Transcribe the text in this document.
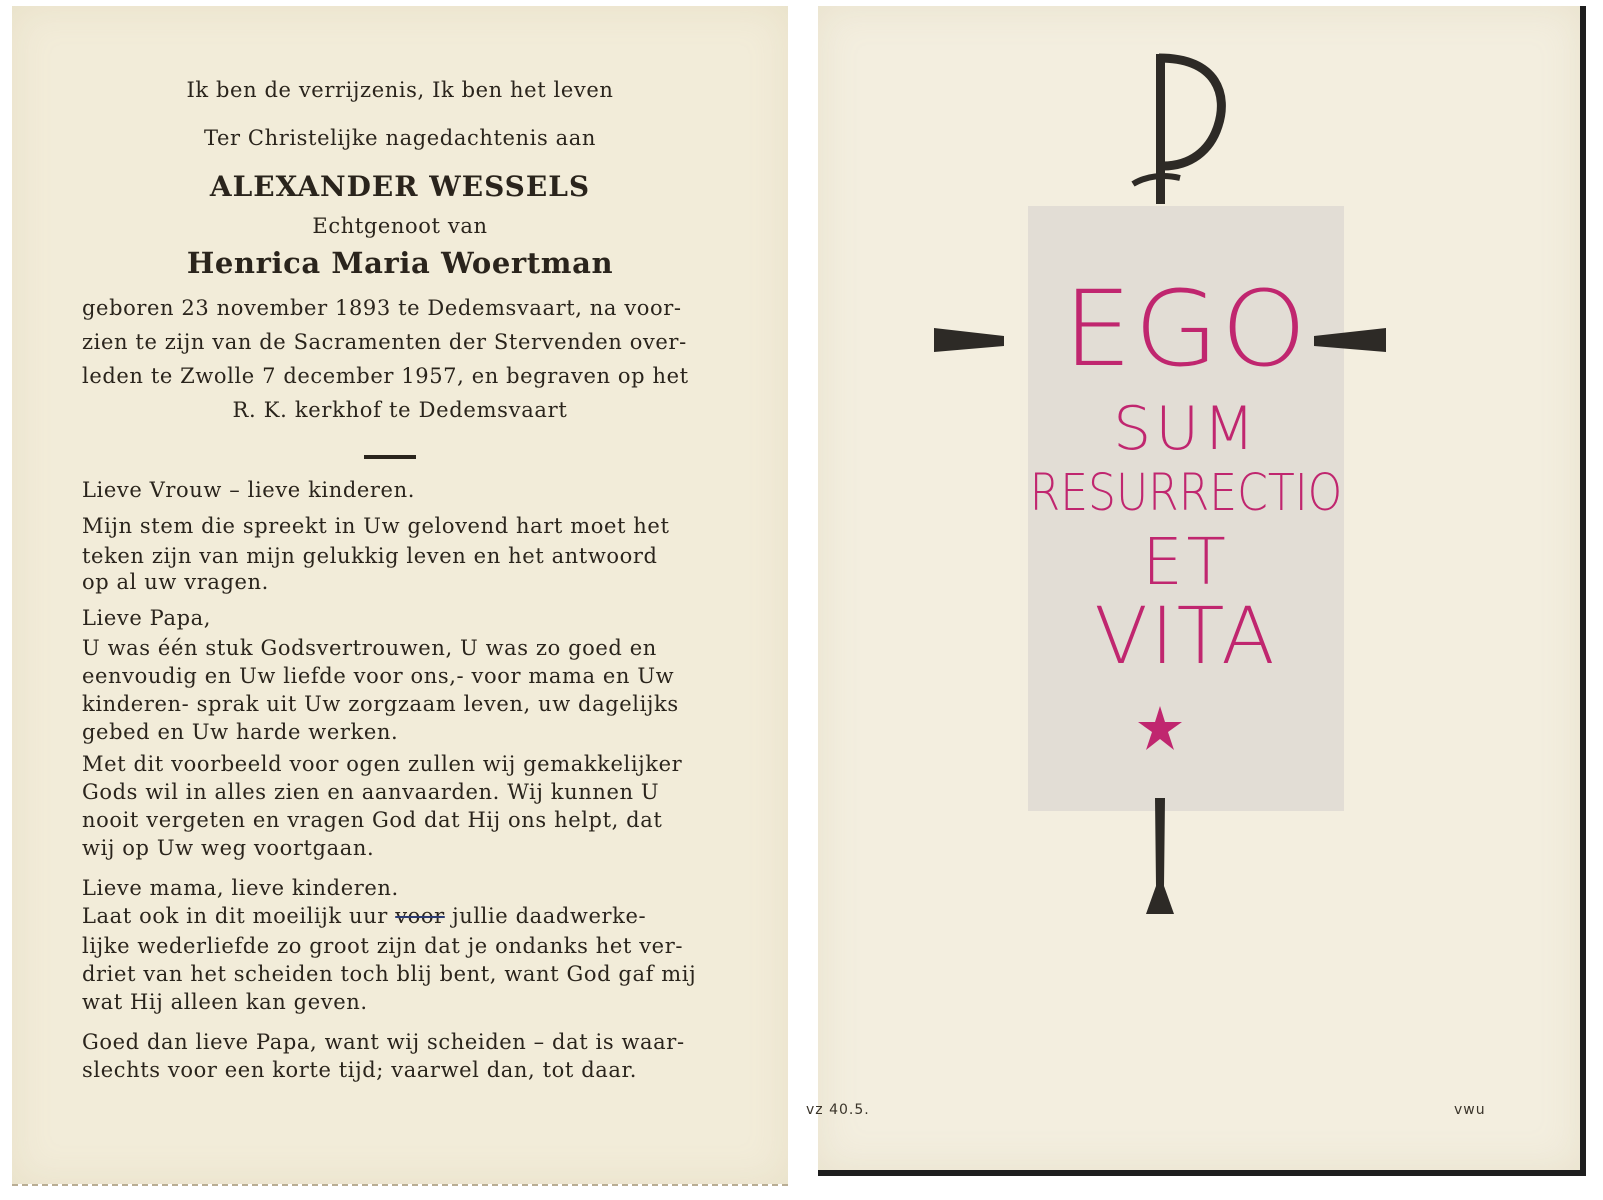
Ik ben de verrijzenis, Ik ben het leven
Ter Christelijke nagedachtenis aan
ALEXANDER WESSELS
Echtgenoot van
Henrica Maria Woertman
geboren 23 november 1893 te Dedemsvaart, na voor-
zien te zijn van de Sacramenten der Stervenden over-
leden te Zwolle 7 december 1957, en begraven op het
R. K. kerkhof te Dedemsvaart
Lieve Vrouw – lieve kinderen.
Mijn stem die spreekt in Uw gelovend hart moet het
teken zijn van mijn gelukkig leven en het antwoord
op al uw vragen.
Lieve Papa,
U was één stuk Godsvertrouwen, U was zo goed en
eenvoudig en Uw liefde voor ons,- voor mama en Uw
kinderen- sprak uit Uw zorgzaam leven, uw dagelijks
gebed en Uw harde werken.
Met dit voorbeeld voor ogen zullen wij gemakkelijker
Gods wil in alles zien en aanvaarden. Wij kunnen U
nooit vergeten en vragen God dat Hij ons helpt, dat
wij op Uw weg voortgaan.
Lieve mama, lieve kinderen.
Laat ook in dit moeilijk uur voor jullie daadwerke-
lijke wederliefde zo groot zijn dat je ondanks het ver-
driet van het scheiden toch blij bent, want God gaf mij
wat Hij alleen kan geven.
Goed dan lieve Papa, want wij scheiden – dat is waar-
slechts voor een korte tijd; vaarwel dan, tot daar.
EGO
SUM
RESURRECTIO
ET
VITA
vz 40.5.	vwu
